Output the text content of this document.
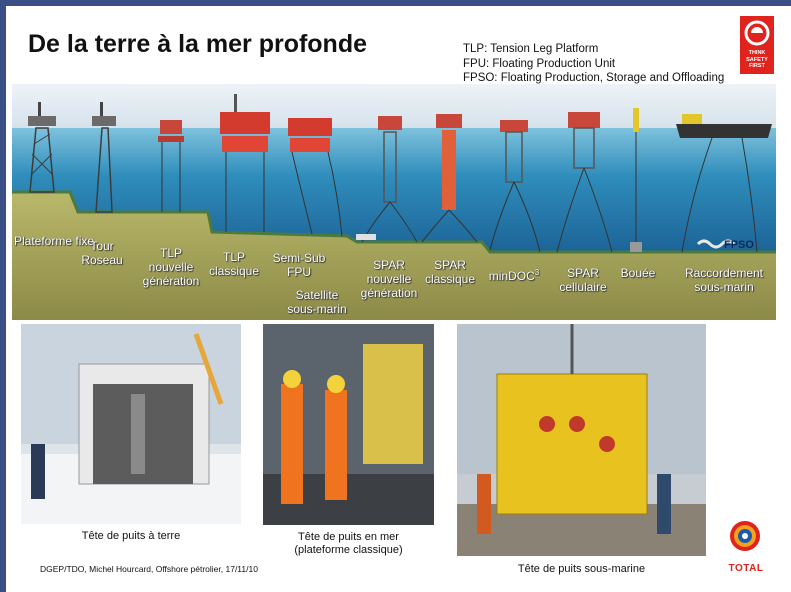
De la terre à la mer profonde	TLP: Tension Leg Platform
FPU: Floating Production Unit
FPSO: Floating Production, Storage and Offloading
THINK
SAFETY
FIRST
Plateforme fixe
Tour Roseau	TLP nouvelle génération
TLP classique
Semi-Sub FPU
Satellite sous-marin
SPAR nouvelle génération
SPAR classique	minDOC$^3$	SPAR cellulaire
Bouée	Raccordement sous-marin
FPSO
Tête de puits à terre	Tête de puits en mer
(plateforme classique)
Tête de puits sous-marine
DGEP/TDO, Michel Hourcard, Offshore pétrolier, 17/11/10	TOTAL
